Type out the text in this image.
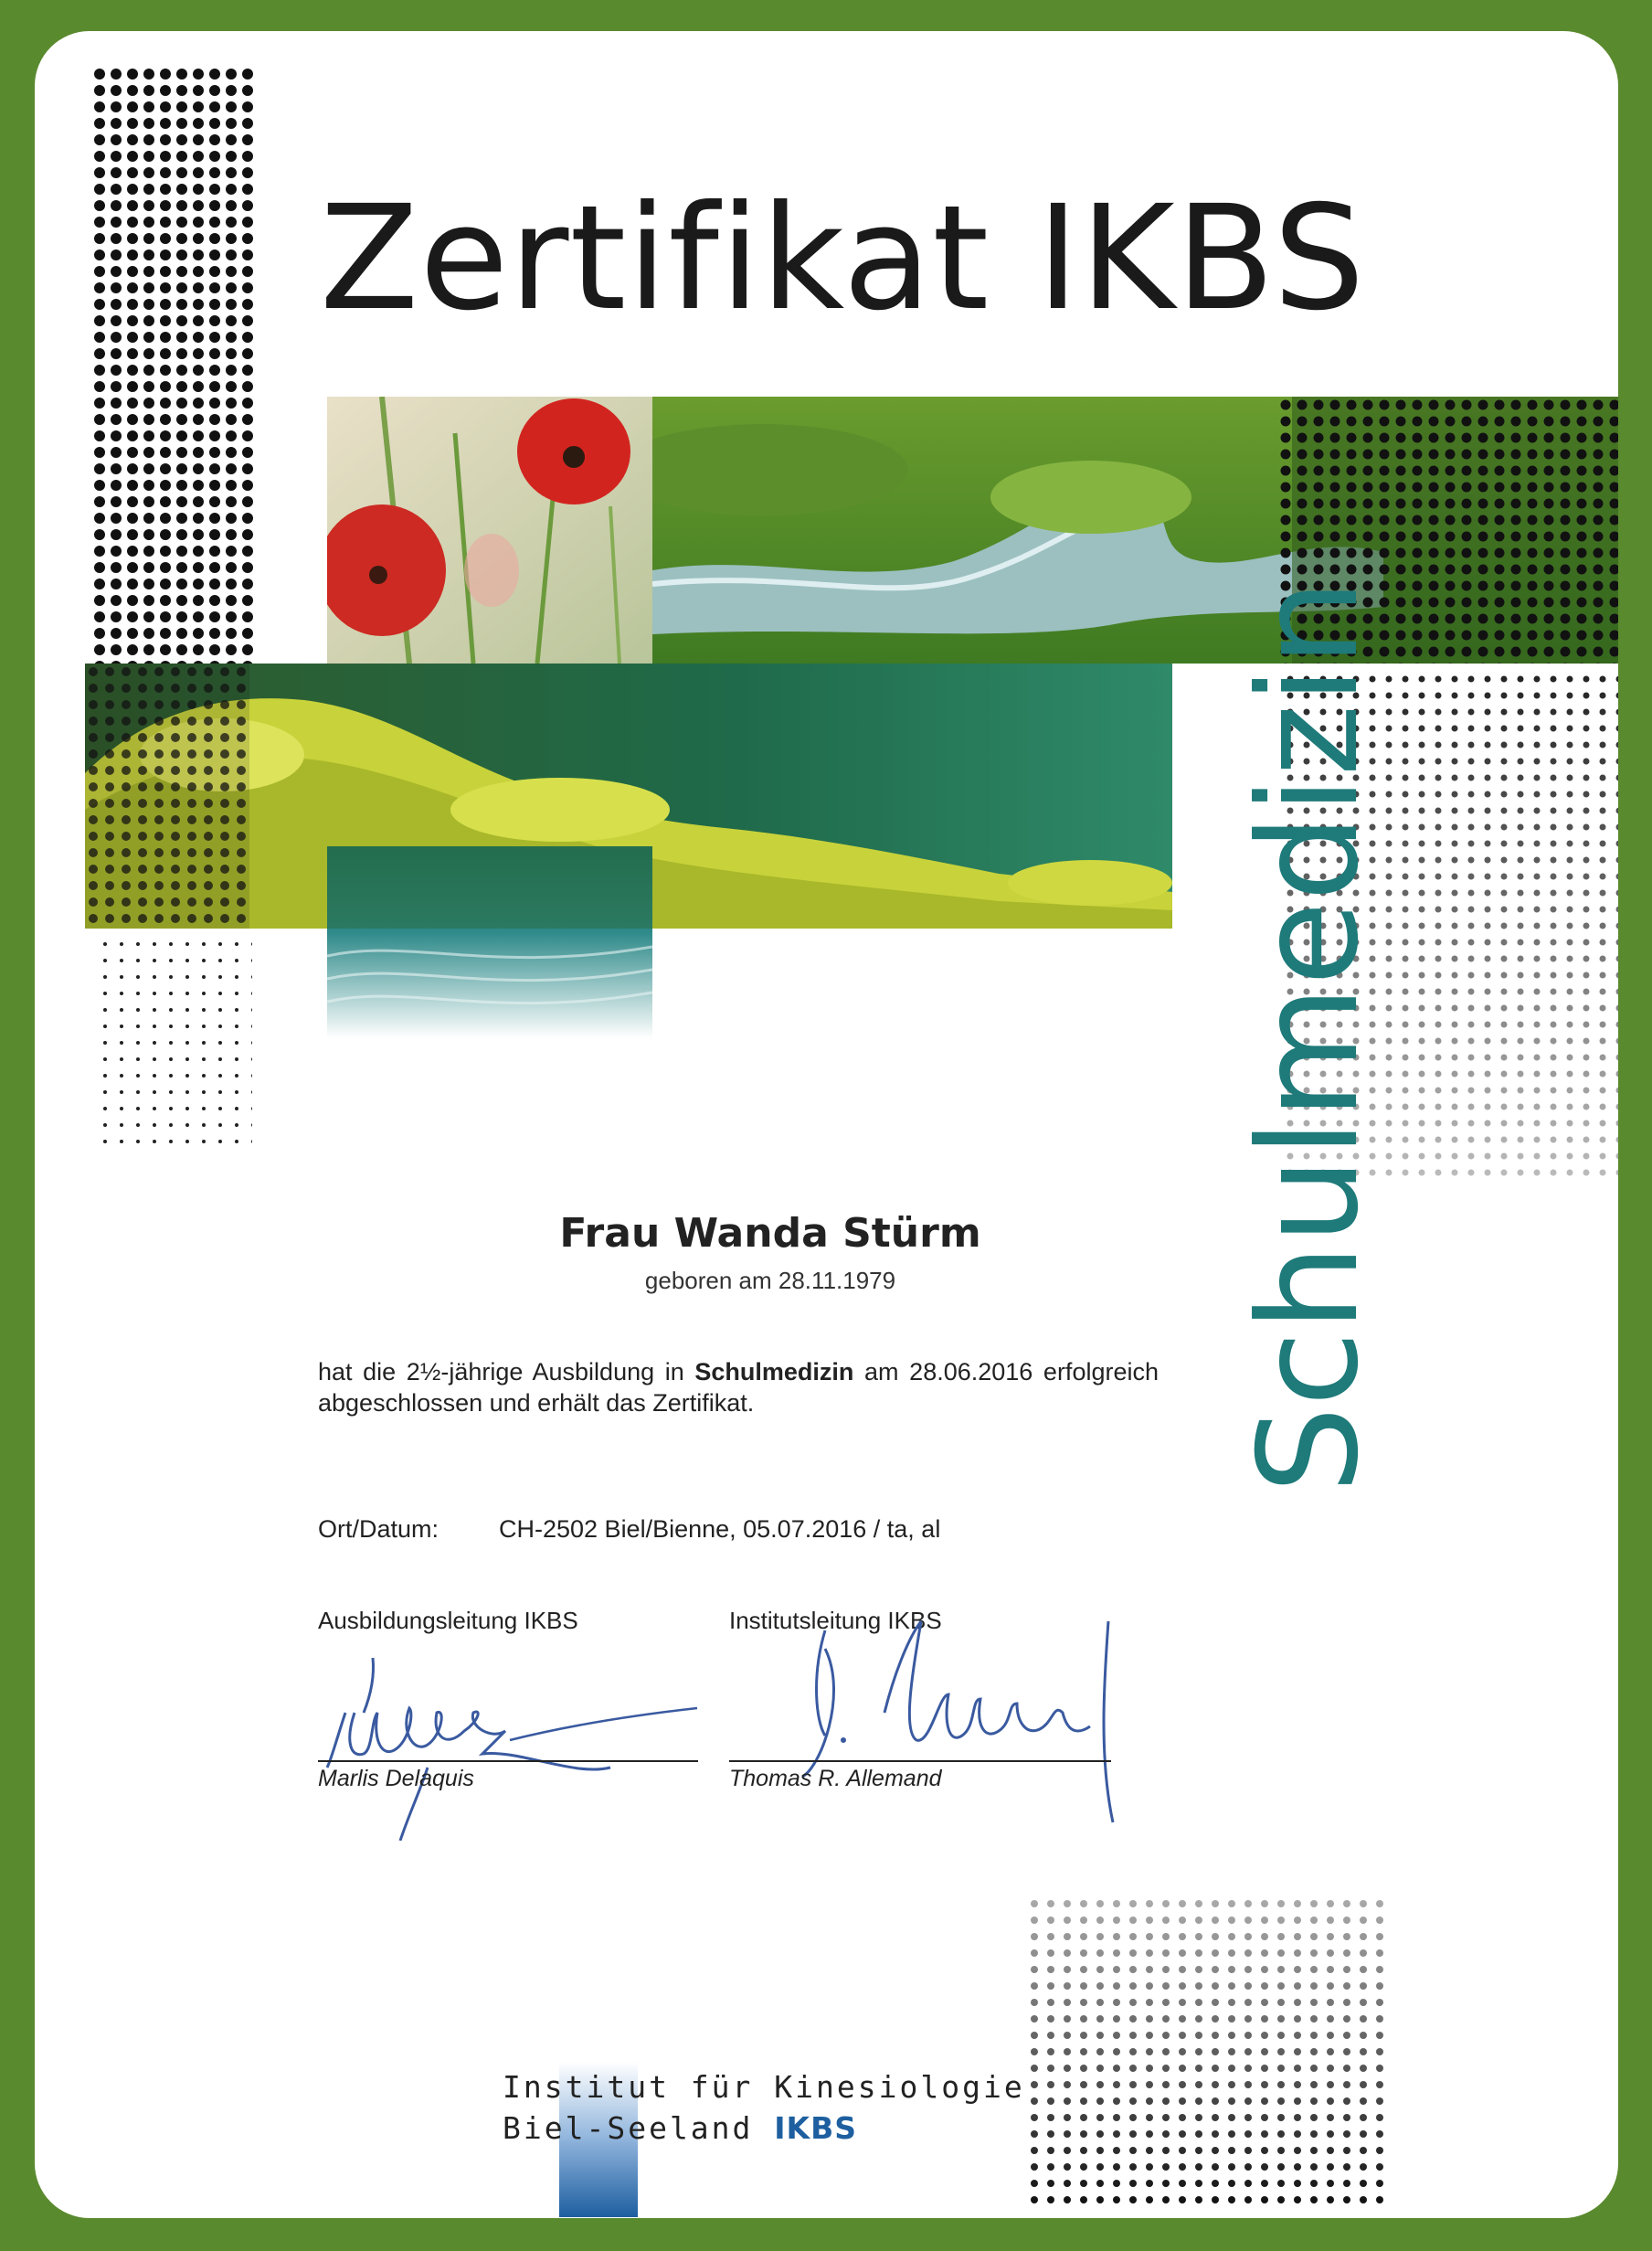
Zertifikat IKBS
Schulmedizin
Frau Wanda Stürm
geboren am 28.11.1979
hat die 2½-jährige Ausbildung in Schulmedizin am 28.06.2016 erfolgreich abgeschlossen und erhält das Zertifikat.
Ort/Datum: CH-2502 Biel/Bienne, 05.07.2016 / ta, al
Ausbildungsleitung IKBS	Institutsleitung IKBS
Marlis Delaquis	Thomas R. Allemand
Institut für Kinesiologie
Biel-Seeland IKBS
